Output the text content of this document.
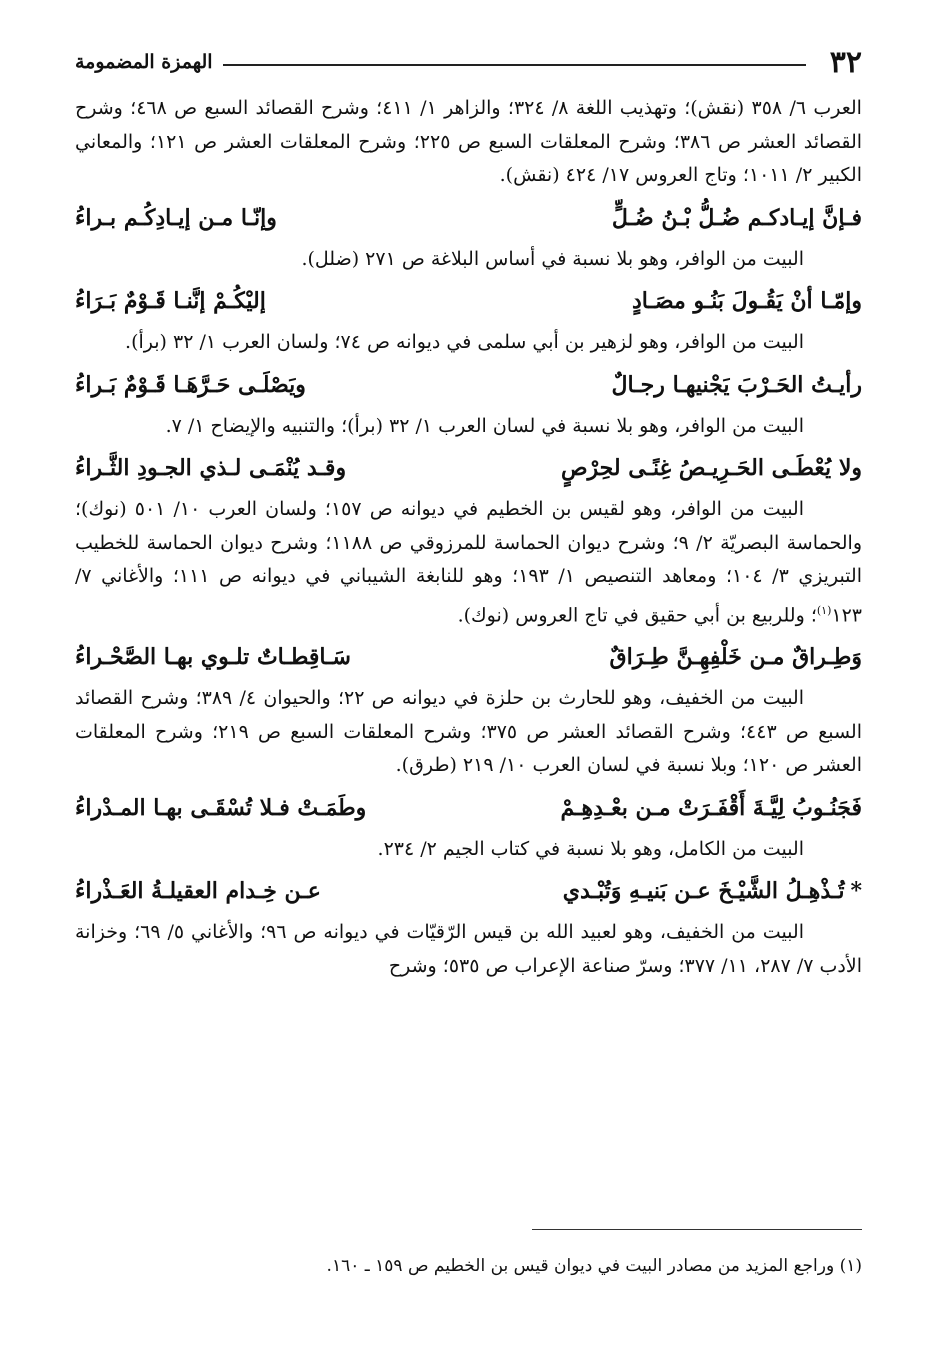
٣٢
الهمزة المضمومة

العرب ٦/ ٣٥٨ (نقش)؛ وتهذيب اللغة ٨/ ٣٢٤؛ والزاهر ١/ ٤١١؛ وشرح القصائد السبع ص ٤٦٨؛ وشرح القصائد العشر ص ٣٨٦؛ وشرح المعلقات السبع ص ٢٢٥؛ وشرح المعلقات العشر ص ١٢١؛ والمعاني الكبير ٢/ ١٠١١؛ وتاج العروس ١٧/ ٤٢٤ (نقش).

فـإنَّ إيـادكـم ضُـلُّ بْـنُ ضُـلٍّ
وإنّـا مـن إيـادِكُـم بـراءُ

البيت من الوافر، وهو بلا نسبة في أساس البلاغة ص ٢٧١ (ضلل).

وإمّـا أنْ يَقُـولَ بَنُـو مصَـادٍ
إليْكُـمْ إنَّنـا قَـوْمٌ بَـرَاءُ

البيت من الوافر، وهو لزهير بن أبي سلمى في ديوانه ص ٧٤؛ ولسان العرب ١/ ٣٢ (برأ).

رأيـتُ الحَـرْبَ يَجْنيهـا رجـالٌ
ويَصْلَـى حَـرَّهَـا قَـوْمٌ بَـراءُ

البيت من الوافر، وهو بلا نسبة في لسان العرب ١/ ٣٢ (برأ)؛ والتنبيه والإيضاح ١/ ٧.

ولا يُعْطَـى الحَـرِيـصُ غِنًـى لحِرْصٍ
وقـد يُنْمَـى لـذي الجـودِ الثَّـراءُ

البيت من الوافر، وهو لقيس بن الخطيم في ديوانه ص ١٥٧؛ ولسان العرب ١٠/ ٥٠١ (نوك)؛ والحماسة البصريّة ٢/ ٩؛ وشرح ديوان الحماسة للمرزوقي ص ١١٨٨؛ وشرح ديوان الحماسة للخطيب التبريزي ٣/ ١٠٤؛ ومعاهد التنصيص ١/ ١٩٣؛ وهو للنابغة الشيباني في ديوانه ص ١١١؛ والأغاني ٧/ ١٢٣$^{(١)}$؛ وللربيع بن أبي حقيق في تاج العروس (نوك).

وَطِـراقٌ مـن خَلْفِهِـنَّ طِـرَاقٌ
سَـاقِطـاتٌ تلـوي بهـا الصَّحْـراءُ

البيت من الخفيف، وهو للحارث بن حلزة في ديوانه ص ٢٢؛ والحيوان ٤/ ٣٨٩؛ وشرح القصائد السبع ص ٤٤٣؛ وشرح القصائد العشر ص ٣٧٥؛ وشرح المعلقات السبع ص ٢١٩؛ وشرح المعلقات العشر ص ١٢٠؛ وبلا نسبة في لسان العرب ١٠/ ٢١٩ (طرق).

فَجَنُـوبُ لِيَّـةَ أَقْفَـرَتْ مـن بعْـدِهِـمْ
وطَمَـتْ فـلا تُسْقَـى بهـا المـدْراءُ

البيت من الكامل، وهو بلا نسبة في كتاب الجيم ٢/ ٢٣٤.

*تُـذْهِـلُ الشَّيْـخَ عـن بَنيـهِ وَتُبْـدي
عـن خِـدام العقيلـةُ العَـذْراءُ

البيت من الخفيف، وهو لعبيد الله بن قيس الرّقيّات في ديوانه ص ٩٦؛ والأغاني ٥/ ٦٩؛ وخزانة الأدب ٧/ ٢٨٧، ١١/ ٣٧٧؛ وسرّ صناعة الإعراب ص ٥٣٥؛ وشرح

(١) وراجع المزيد من مصادر البيت في ديوان قيس بن الخطيم ص ١٥٩ ـ ١٦٠.
